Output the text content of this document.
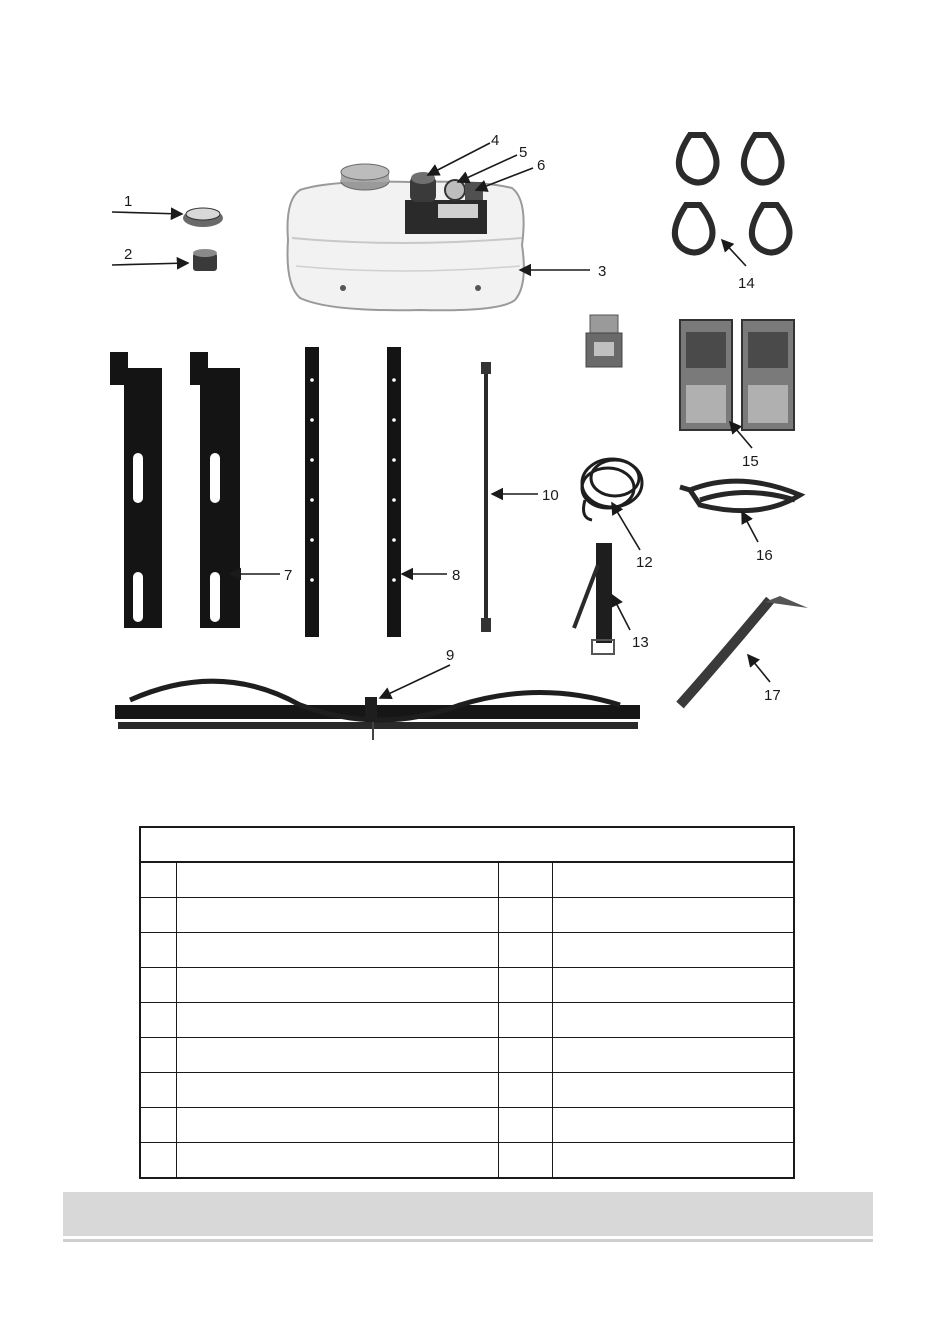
1
2
3
4
5
6
7	8
9
10
12
13
14
15
16
17
